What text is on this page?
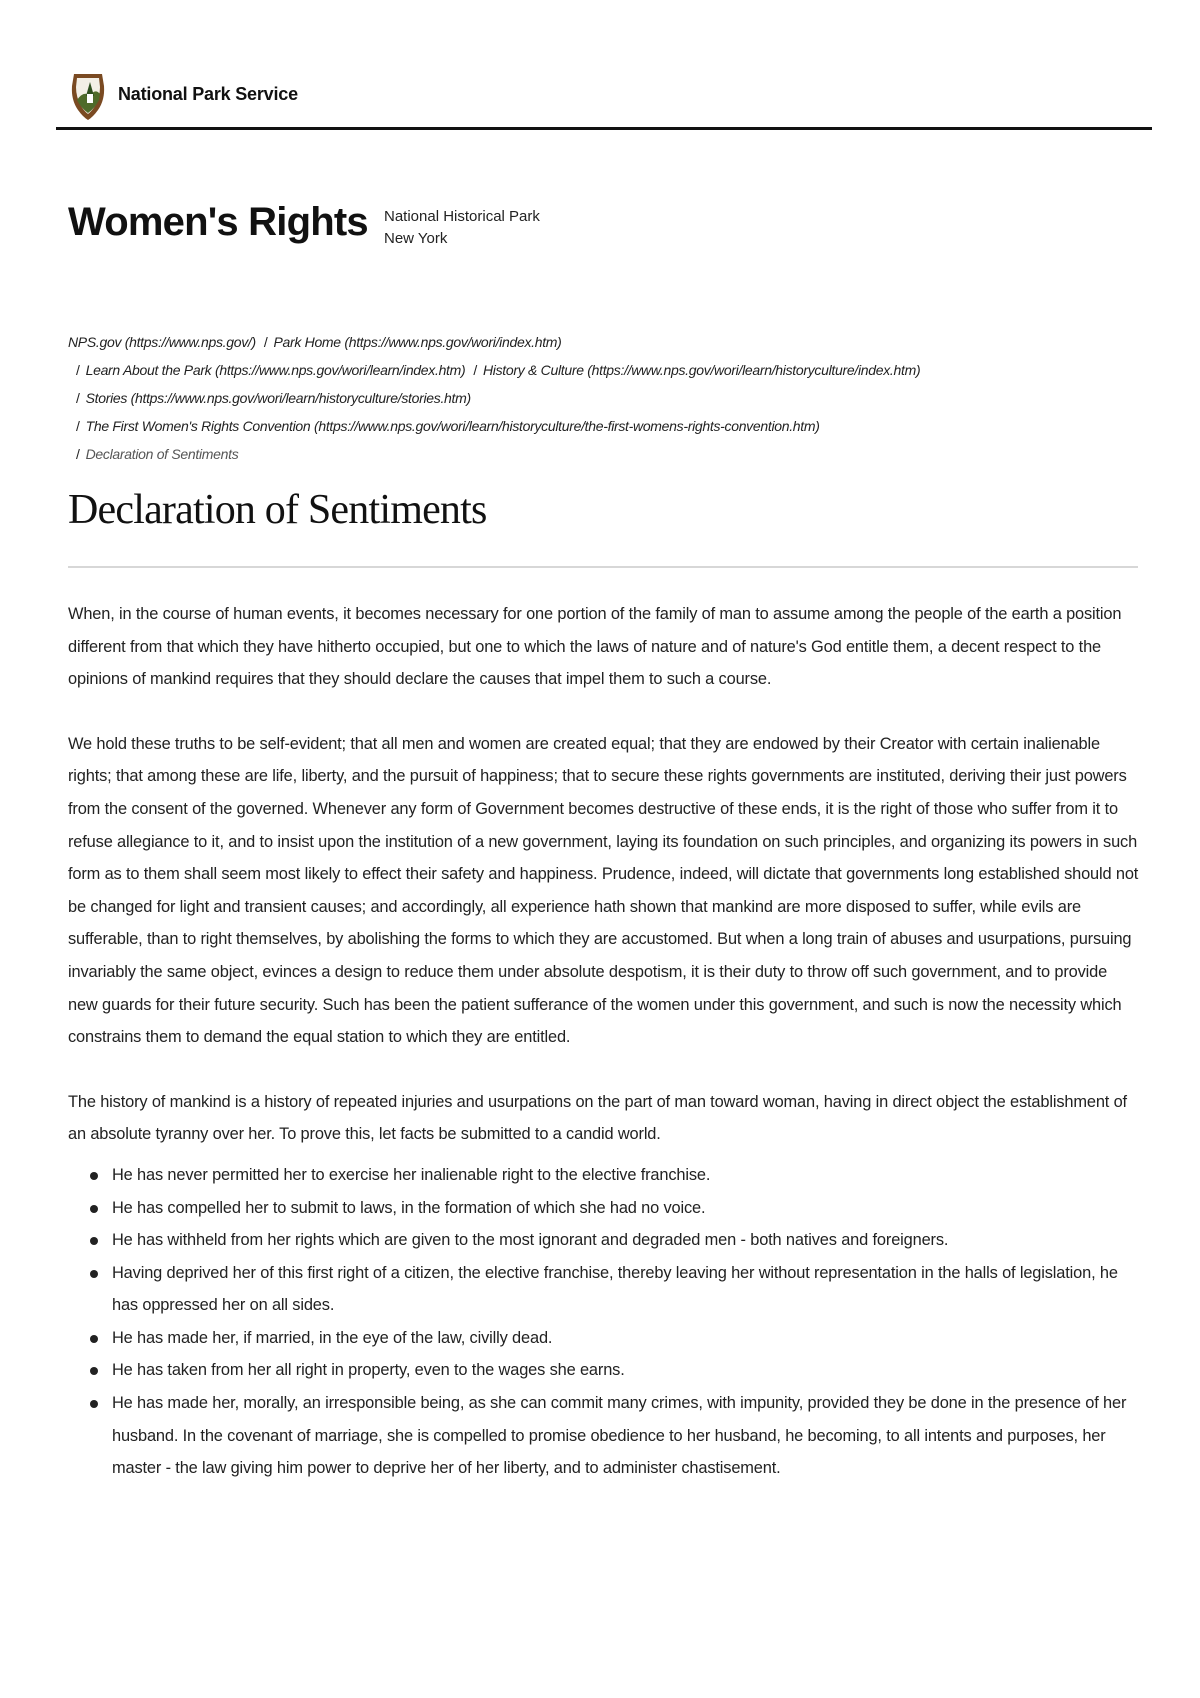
National Park Service
Women's Rights National Historical Park
New York
NPS.gov (https://www.nps.gov/) / Park Home (https://www.nps.gov/wori/index.htm)
/ Learn About the Park (https://www.nps.gov/wori/learn/index.htm) / History & Culture (https://www.nps.gov/wori/learn/historyculture/index.htm)
/ Stories (https://www.nps.gov/wori/learn/historyculture/stories.htm)
/ The First Women's Rights Convention (https://www.nps.gov/wori/learn/historyculture/the-first-womens-rights-convention.htm)
/ Declaration of Sentiments
Declaration of Sentiments

When, in the course of human events, it becomes necessary for one portion of the family of man to assume among the people of the earth a position different from that which they have hitherto occupied, but one to which the laws of nature and of nature's God entitle them, a decent respect to the opinions of mankind requires that they should declare the causes that impel them to such a course.

We hold these truths to be self-evident; that all men and women are created equal; that they are endowed by their Creator with certain inalienable rights; that among these are life, liberty, and the pursuit of happiness; that to secure these rights governments are instituted, deriving their just powers from the consent of the governed. Whenever any form of Government becomes destructive of these ends, it is the right of those who suffer from it to refuse allegiance to it, and to insist upon the institution of a new government, laying its foundation on such principles, and organizing its powers in such form as to them shall seem most likely to effect their safety and happiness. Prudence, indeed, will dictate that governments long established should not be changed for light and transient causes; and accordingly, all experience hath shown that mankind are more disposed to suffer, while evils are sufferable, than to right themselves, by abolishing the forms to which they are accustomed. But when a long train of abuses and usurpations, pursuing invariably the same object, evinces a design to reduce them under absolute despotism, it is their duty to throw off such government, and to provide new guards for their future security. Such has been the patient sufferance of the women under this government, and such is now the necessity which constrains them to demand the equal station to which they are entitled.

The history of mankind is a history of repeated injuries and usurpations on the part of man toward woman, having in direct object the establishment of an absolute tyranny over her. To prove this, let facts be submitted to a candid world.

He has never permitted her to exercise her inalienable right to the elective franchise.
He has compelled her to submit to laws, in the formation of which she had no voice.
He has withheld from her rights which are given to the most ignorant and degraded men - both natives and foreigners.
Having deprived her of this first right of a citizen, the elective franchise, thereby leaving her without representation in the halls of legislation, he has oppressed her on all sides.
He has made her, if married, in the eye of the law, civilly dead.
He has taken from her all right in property, even to the wages she earns.
He has made her, morally, an irresponsible being, as she can commit many crimes, with impunity, provided they be done in the presence of her husband. In the covenant of marriage, she is compelled to promise obedience to her husband, he becoming, to all intents and purposes, her master - the law giving him power to deprive her of her liberty, and to administer chastisement.
